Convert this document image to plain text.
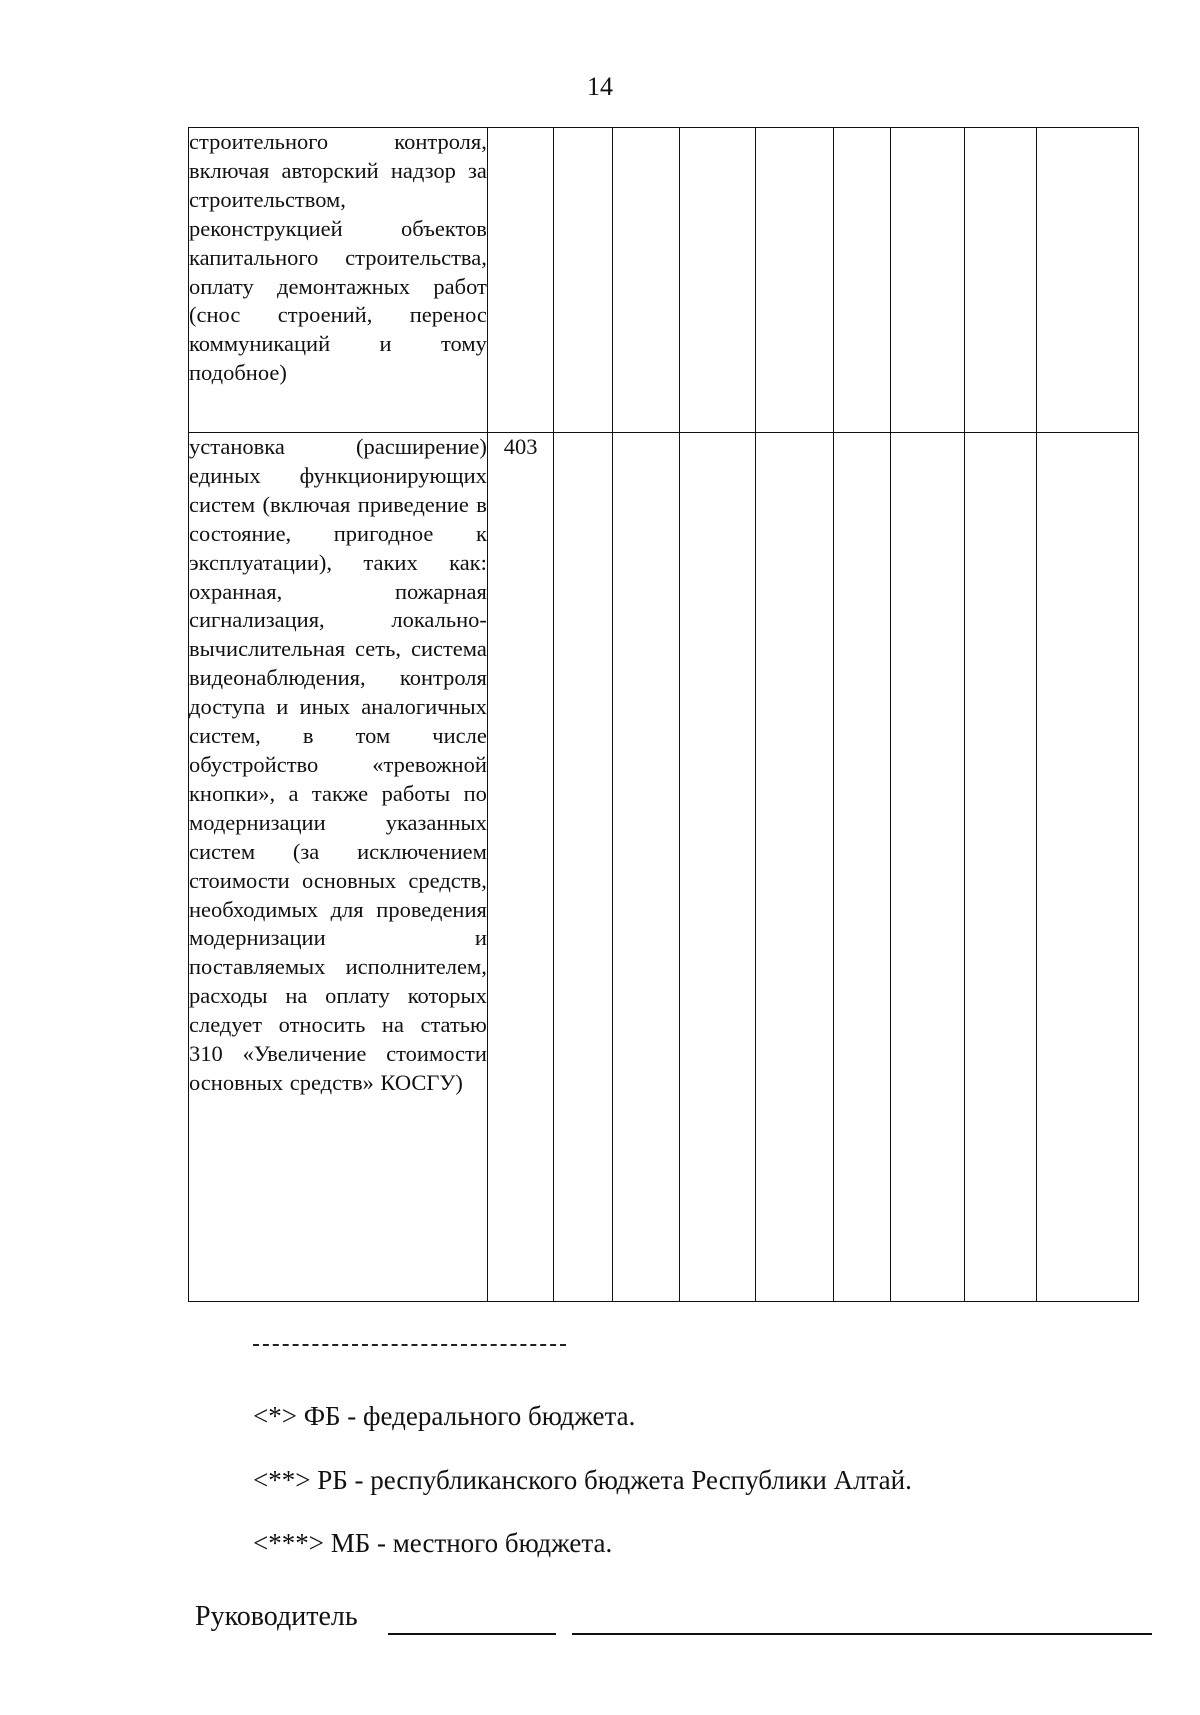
14
строительного контроля, включая авторский надзор за строительством, реконструкцией объектов капитального строительства, оплату демонтажных работ (снос строений, перенос коммуникаций и тому подобное)									
установка (расширение) единых функционирующих систем (включая приведение в состояние, пригодное к эксплуатации), таких как: охранная, пожарная сигнализация, локально-вычислительная сеть, система видеонаблюдения, контроля доступа и иных аналогичных систем, в том числе обустройство «тревожной кнопки», а также работы по модернизации указанных систем (за исключением стоимости основных средств, необходимых для проведения модернизации и поставляемых исполнителем, расходы на оплату которых следует относить на статью 310 «Увеличение стоимости основных средств» КОСГУ)	403								
<*> ФБ - федерального бюджета.
<**> РБ - республиканского бюджета Республики Алтай.
<***> МБ - местного бюджета.
Руководитель
